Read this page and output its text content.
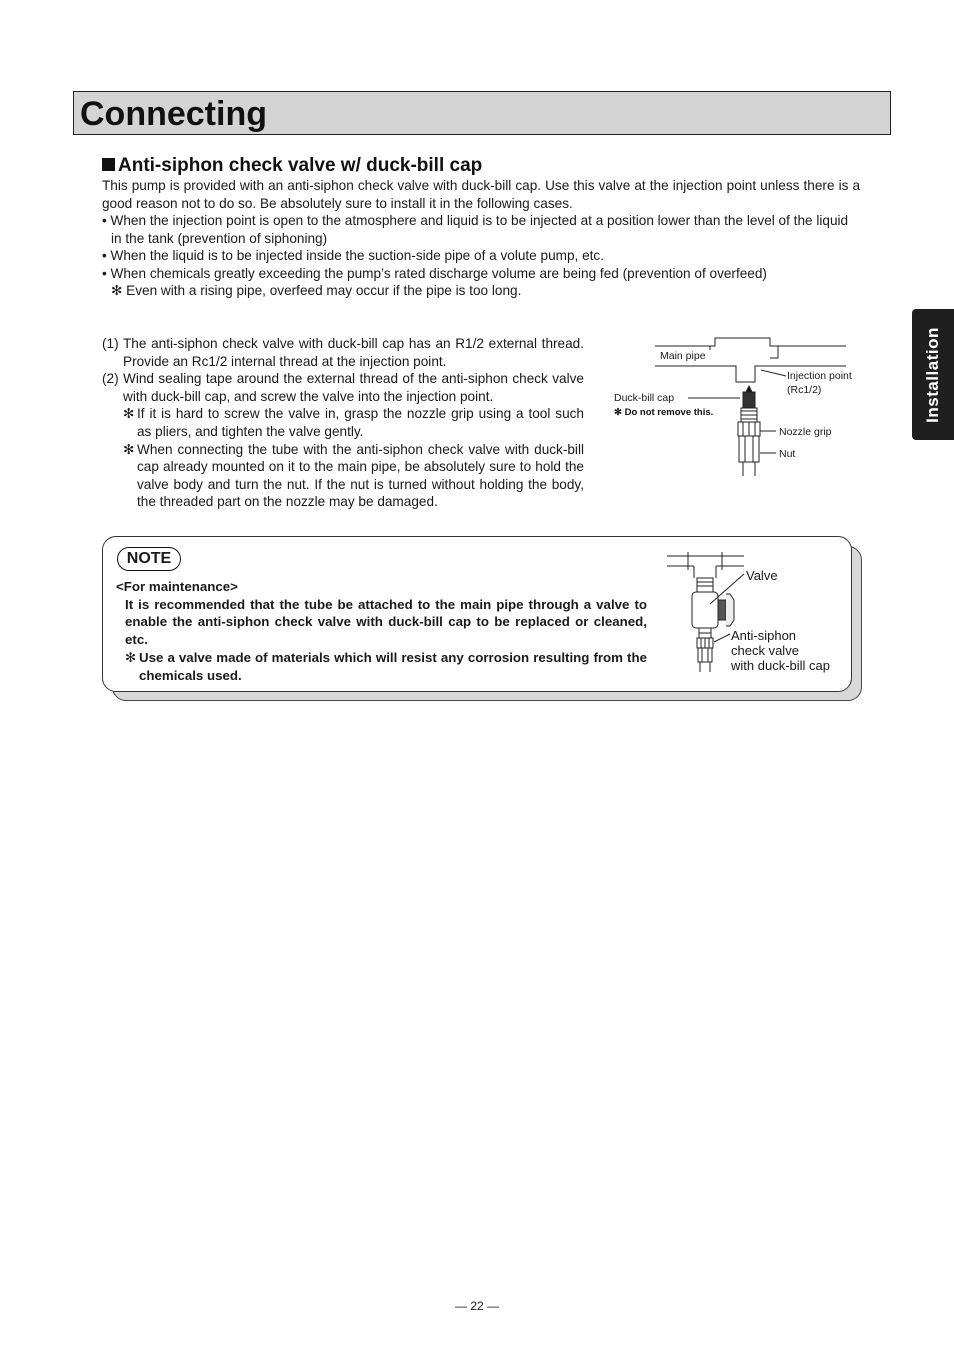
Connecting
Installation
Anti-siphon check valve w/ duck-bill cap
This pump is provided with an anti-siphon check valve with duck-bill cap. Use this valve at the injection point unless there is a good reason not to do so. Be absolutely sure to install it in the following cases.
• When the injection point is open to the atmosphere and liquid is to be injected at a position lower than the level of the liquid in the tank (prevention of siphoning)
• When the liquid is to be injected inside the suction-side pipe of a volute pump, etc.
• When chemicals greatly exceeding the pump’s rated discharge volume are being fed (prevention of overfeed)
✻ Even with a rising pipe, overfeed may occur if the pipe is too long.
(1) The anti-siphon check valve with duck-bill cap has an R1/2 external thread. Provide an Rc1/2 internal thread at the injection point.
(2) Wind sealing tape around the external thread of the anti-siphon check valve with duck-bill cap, and screw the valve into the injection point.
✻ If it is hard to screw the valve in, grasp the nozzle grip using a tool such as pliers, and tighten the valve gently.
✻ When connecting the tube with the anti-siphon check valve with duck-bill cap already mounted on it to the main pipe, be absolutely sure to hold the valve body and turn the nut. If the nut is turned without holding the body, the threaded part on the nozzle may be damaged.
Main pipe
Injection point
(Rc1/2)
Duck-bill cap
✻ Do not remove this.
Nozzle grip
Nut
NOTE
<For maintenance>
It is recommended that the tube be attached to the main pipe through a valve to enable the anti-siphon check valve with duck-bill cap to be replaced or cleaned, etc.
✻ Use a valve made of materials which will resist any corrosion resulting from the chemicals used.
Valve
Anti-siphon
check valve
with duck-bill cap
— 22 —
